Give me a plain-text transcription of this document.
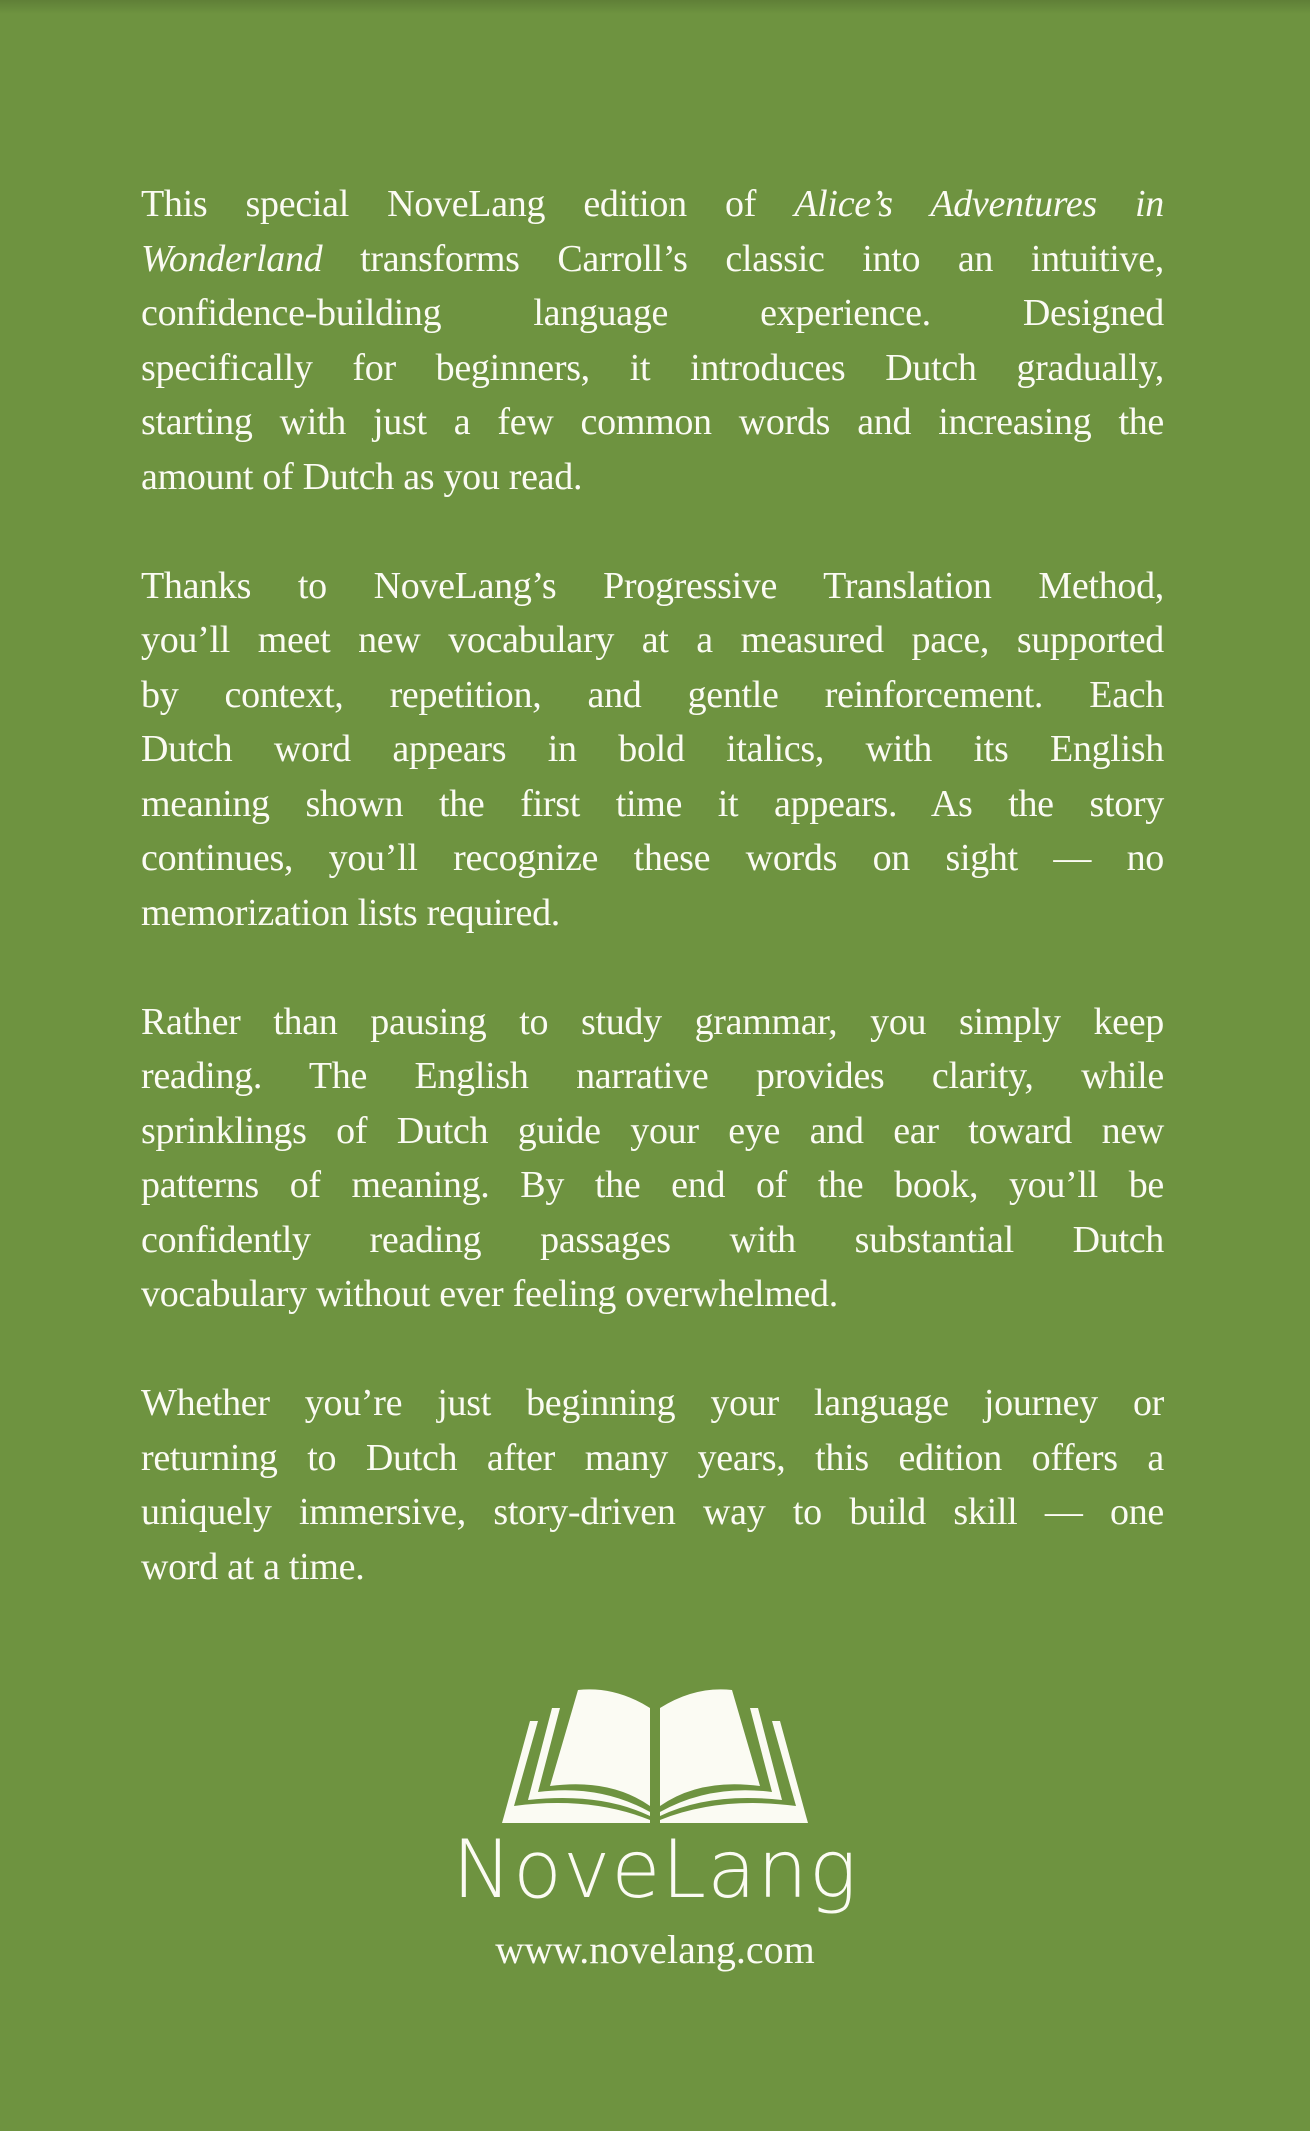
This special NoveLang edition of Alice’s Adventures in
Wonderland transforms Carroll’s classic into an intuitive,
confidence-building language experience. Designed
specifically for beginners, it introduces Dutch gradually,
starting with just a few common words and increasing the
amount of Dutch as you read.
Thanks to NoveLang’s Progressive Translation Method,
you’ll meet new vocabulary at a measured pace, supported
by context, repetition, and gentle reinforcement. Each
Dutch word appears in bold italics, with its English
meaning shown the first time it appears. As the story
continues, you’ll recognize these words on sight — no
memorization lists required.
Rather than pausing to study grammar, you simply keep
reading. The English narrative provides clarity, while
sprinklings of Dutch guide your eye and ear toward new
patterns of meaning. By the end of the book, you’ll be
confidently reading passages with substantial Dutch
vocabulary without ever feeling overwhelmed.
Whether you’re just beginning your language journey or
returning to Dutch after many years, this edition offers a
uniquely immersive, story-driven way to build skill — one
word at a time.
NoveLang
www.novelang.com
